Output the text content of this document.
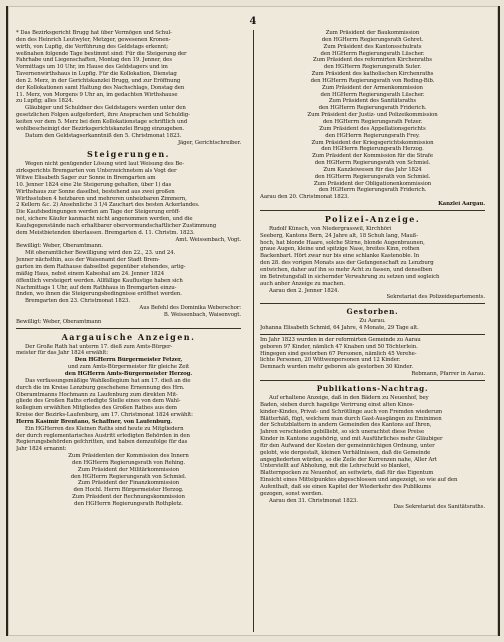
4
* Das Bezirksgericht Brugg hat über Vermögen und Schul-
den des Heinrich Leutwyler, Metzger, gewesenen Kronen-
wirth, von Lupfig, die Verführung des Geldstags erkennt;
weßnahen folgende Tage bestimmt sind: Für die Steigerung der
Fahrhabe und Liegenschaften, Montag den 19. Jenner, des
Vormittags um 10 Uhr, im Hause des Geldstagers und im
Tavernenwirthshaus in Lupfig. Für die Kollokation, Dienstag
den 2. Merz, in der Gerichtskanzlei Brugg, und zur Eröffnung
der Kollokationen samt Haltung des Nachschlags, Donstag den
11. Merz, von Morgens 9 Uhr an, im gedachten Wirthshause
zu Lupfig; alles 1824.
Gläubiger und Schuldner des Geldstagers werden unter den
gesetzlichen Folgen aufgefordert, ihre Ansprachen und Schuldig-
keiten vor dem 5. Merz bei dem Kollokationstage schriftlich und
wohlbescheinigt der Bezirksgerichtskanzlei Brugg einzugeben.
Datum den Geldstagserkanntniß den 5. Christmonat 1823.
Jäger, Gerichtschreiber.
Steigerungen.
Wegen nicht genügender Lösung wird laut Weisung des Be-
zirksgerichts Bremgarten von Unterzeichnetem als Vogt der
Witwe Elisabeth Sager zur Sonne in Bremgarten am
10. Jenner 1824 eine 2te Steigerung gehalten, über 1) das
Wirthshaus zur Sonne daselbst, bestehend aus zwei großen
Wirthsstuben 4 heizbaren und mehreren unheizbaren Zimmern,
2 Kellern &c. 2) Ansehnliche 3 1/4 Zauchart des besten Ackerlandes.
Die Kaufsbedingungen werden am Tage der Steigerung eröff-
net, sichere Käufer kanmacht nicht angenommen werden, und die
Kaufsgegenstände nach erhaltbarer obervormundschaftlicher Zustimmung
dem Meistbietenden überlassen. Bremgarten d. 11. Christm. 1823.
Amt. Weissenbach, Vogt.
Bewilligt: Weber, Oberamtmann.
Mit oberamtlicher Bewilligung wird den 22., 23. und 24.
Jenner nächsthin, aus der Waisenamt der Stadt Brem-
garten im dem Rathause dabselbst gegenüber stehendes, artig-
mäßig Haus, nebst einem Kabeshal am 24. Jenner 1824
öffentlich versteigert werden. Allfällige Kauflustige haben sich
Nachmittags 1 Uhr, auf dem Rathhaus in Bremgarten einzu-
finden, wo ihnen die Steigerungsbedingnisse eröffnet werden.
Bremgarten den 23. Christmonat 1823.
Aus Befehl des Dominika Weberschor:
B. Weissenbach, Waisenvogt.
Bewilligt: Weber, Oberamtmann
Aargauische Anzeigen.
Der Große Rath hat unterm 17. dieß zum Amts-Bürger-
meister für das Jahr 1824 erwählt:
Den HGHerrn Bürgermeister Fetzer,
und zum Amts-Bürgermeister für gleiche Zeit
den HGHerrn Amts-Bürgermeister Herzog.
Das verfassungsmäßige Wahlkollegium hat am 17. dieß an die
durch die im Kreise Lenzburg geschehene Ernennung des Hrn.
Oberamtmanns Hochmann zu Laufenburg zum direkten Mit-
gliede des Großen Raths erledigte Stelle eines von dem Wahl-
kollegium erwählten Mitgliedes des Großen Rathes aus dem
Kreise der Bezirks-Laufenburg, am 17. Christmonat 1824 erwählt:
Herrn Kasimir Brentano, Schaffner, von Laufenburg.
Ein HGHerren des Kleinen Raths sind heute zu Mitgliedern
der durch reglementarisches Austritt erledigten Behörden in den
Regierungsbehörden gefchritten, und haben demzufolge für das
Jahr 1824 ernannt:
Zum Präsidenten der Kommission des Innern
den HGHerrn Regierungsrath von Rehing.
Zum Präsident der Militärkommission
den HGHerrn Regierungsrath von Schmiel.
Zum Präsident der Finanzkommission
den Hochl. Herrn Bürgermeister Herzog.
Zum Präsident der Rechnungskommission
den HGHerrn Regierungsrath Rothpletz.
Zum Präsident der Baukommission
den HGHerrn Regierungsrath Gehret.
Zum Präsident des Kantonsschulrats
den HGHerrn Regierungsrath Lüscher.
Zum Präsident des reformirten Kirchenraths
den HGHerrn Regierungsrath Suter.
Zum Präsident des katholischen Kirchenraths
den HGHerrn Regierungsrath von Reding-Bib.
Zum Präsident der Armenkommission
den HGHerrn Regierungsrath Lüscher.
Zum Präsident des Sanitätsraths
den HGHerrn Regierungsrath Friderich.
Zum Präsident der Justiz- und Polizeikommission
den HGHerrn Regierungsrath Fetzer.
Zum Präsident des Appellationsgerichts
den HGHerrn Regierungsrath Frey.
Zum Präsident der Kriegsgerichtskommission
den HGHerrn Regierungsrath Herzog.
Zum Präsident der Kommission für die Strafe
den HGHerrn Regierungsrath von Schmiel.
Zum Kanzleiwesen für das Jahr 1824
den HGHerrn Regierungsrath von Schmiel.
Zum Präsident der Obligationenkommission
den HGHerrn Regierungsrath Friderich.
Aarau den 20. Christmonat 1823.
Kanzlei Aargau.
Polizei-Anzeige.
Rudolf Künsch, von Niedergrasswil, Kirchhöri
Seeberg, Kantons Bern, 24 Jahre alt, 18 Schuh lang, Mauß-
hoch, hat blonde Haare, solche Stirne, blonde Augenbraunen,
graue Augen, kleine und spitzige Nase, breites Kinn, rothen
Backenbart. Hört zwar nur bis eine schlanke Kastenoble. In
den 28. des vorigen Monats aus der Gefangenschaft zu Lenzburg
entwichen, daher auf ihn so mehr Acht zu fassen, und denselben
im Betretungsfall in sichernder Verwahrung zu setzen und sogleich
auch anher Anzeige zu machen.
Aarau den 2. Jenner 1824.
Sekretariat des Polizeidepartements.
Gestorben.
Zu Aarau.
Johanna Elisabeth Schmid, 64 Jahre, 4 Monate, 29 Tage alt.
Im Jahr 1823 wurden in der reformirten Gemeinde zu Aarau
geboren 97 Kinder, nämlich 47 Knaben und 50 Töchterlein.
Hingegen sind gestorben 67 Personen, nämlich 45 Verehe-
lichte Personen, 20 Wittwenpersonen und 12 Kinder.
Demnach wurden mehr geboren als gestorben 30 Kinder.
Rebmann, Pfarrer in Aarau.
Publikations-Nachtrag.
Auf erhaltene Anzeige, daß in den Bädern zu Neuenhof, bey
Baden, sieben durch hagelige Verirrung einst alten Kinos-
kinder-Kindes, Privat- und Schrötlinge auch von Fremden wiederum
Blätterhäß, fügt, welchem man durch Gast-Ausgängen zu Eminimen
der Schutzblattern in andern Gemeinden des Kantons auf Ihren,
Jahren verschieden gebilliebt, so sich unerachtet diese Preise
Kinder in Kantone zugehörig, und mit Ausführliches mehr Gläubiger
für den Aufwand der Kosten der gemeinnüchigen Ordnung, unter
gelobt, wie dergestalt, kleinen Verhältnissen, daß die Gemeinde
angegliederten würden, so die Zeile der Kurrenzen nahe, Aller Art
Unterstellt auf Abholung, mit die Lehrschuld so blanket,
Blatternpocken zu Neuenhof, an seitwärts, daß für das Eigentum
Einsicht eines Mittelpunktes abgeschlossen und angezeigt, so wie auf den
Aufenthalt, daß sie einen Kapitel der Wiederkehr des Publikums
gezogen, sonst werden.
Aarau den 31. Christmonat 1823.
Das Sekretariat des Sanitätsraths.
